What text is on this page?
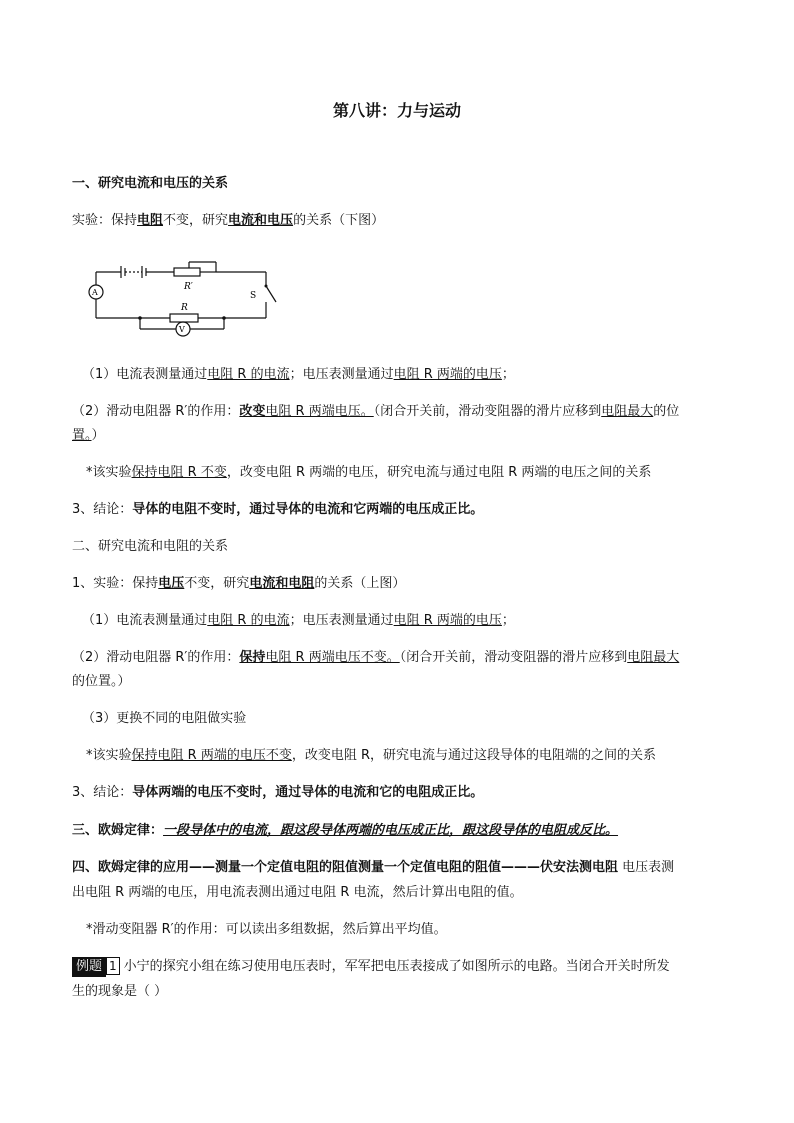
第八讲：力与运动
一、研究电流和电压的关系
实验：保持电阻不变，研究电流和电压的关系（下图）
R′
S
R
A
V
（1）电流表测量通过电阻 R 的电流；电压表测量通过电阻 R 两端的电压；
（2）滑动电阻器 R′的作用：改变电阻 R 两端电压。（闭合开关前，滑动变阻器的滑片应移到电阻最大的位
置。）
*该实验保持电阻 R 不变，改变电阻 R 两端的电压，研究电流与通过电阻 R 两端的电压之间的关系
3、结论：导体的电阻不变时，通过导体的电流和它两端的电压成正比。
二、研究电流和电阻的关系
1、实验：保持电压不变，研究电流和电阻的关系（上图）
（1）电流表测量通过电阻 R 的电流；电压表测量通过电阻 R 两端的电压；
（2）滑动电阻器 R′的作用：保持电阻 R 两端电压不变。（闭合开关前，滑动变阻器的滑片应移到电阻最大
的位置。）
（3）更换不同的电阻做实验
*该实验保持电阻 R 两端的电压不变，改变电阻 R，研究电流与通过这段导体的电阻端的之间的关系
3、结论：导体两端的电压不变时，通过导体的电流和它的电阻成正比。
三、欧姆定律：一段导体中的电流，跟这段导体两端的电压成正比，跟这段导体的电阻成反比。
四、欧姆定律的应用——测量一个定值电阻的阻值测量一个定值电阻的阻值———伏安法测电阻 电压表测
出电阻 R 两端的电压，用电流表测出通过电阻 R 电流，然后计算出电阻的值。
*滑动变阻器 R′的作用：可以读出多组数据，然后算出平均值。
例题 1 小宁的探究小组在练习使用电压表时，军军把电压表接成了如图所示的电路。当闭合开关时所发
生的现象是（ ）
